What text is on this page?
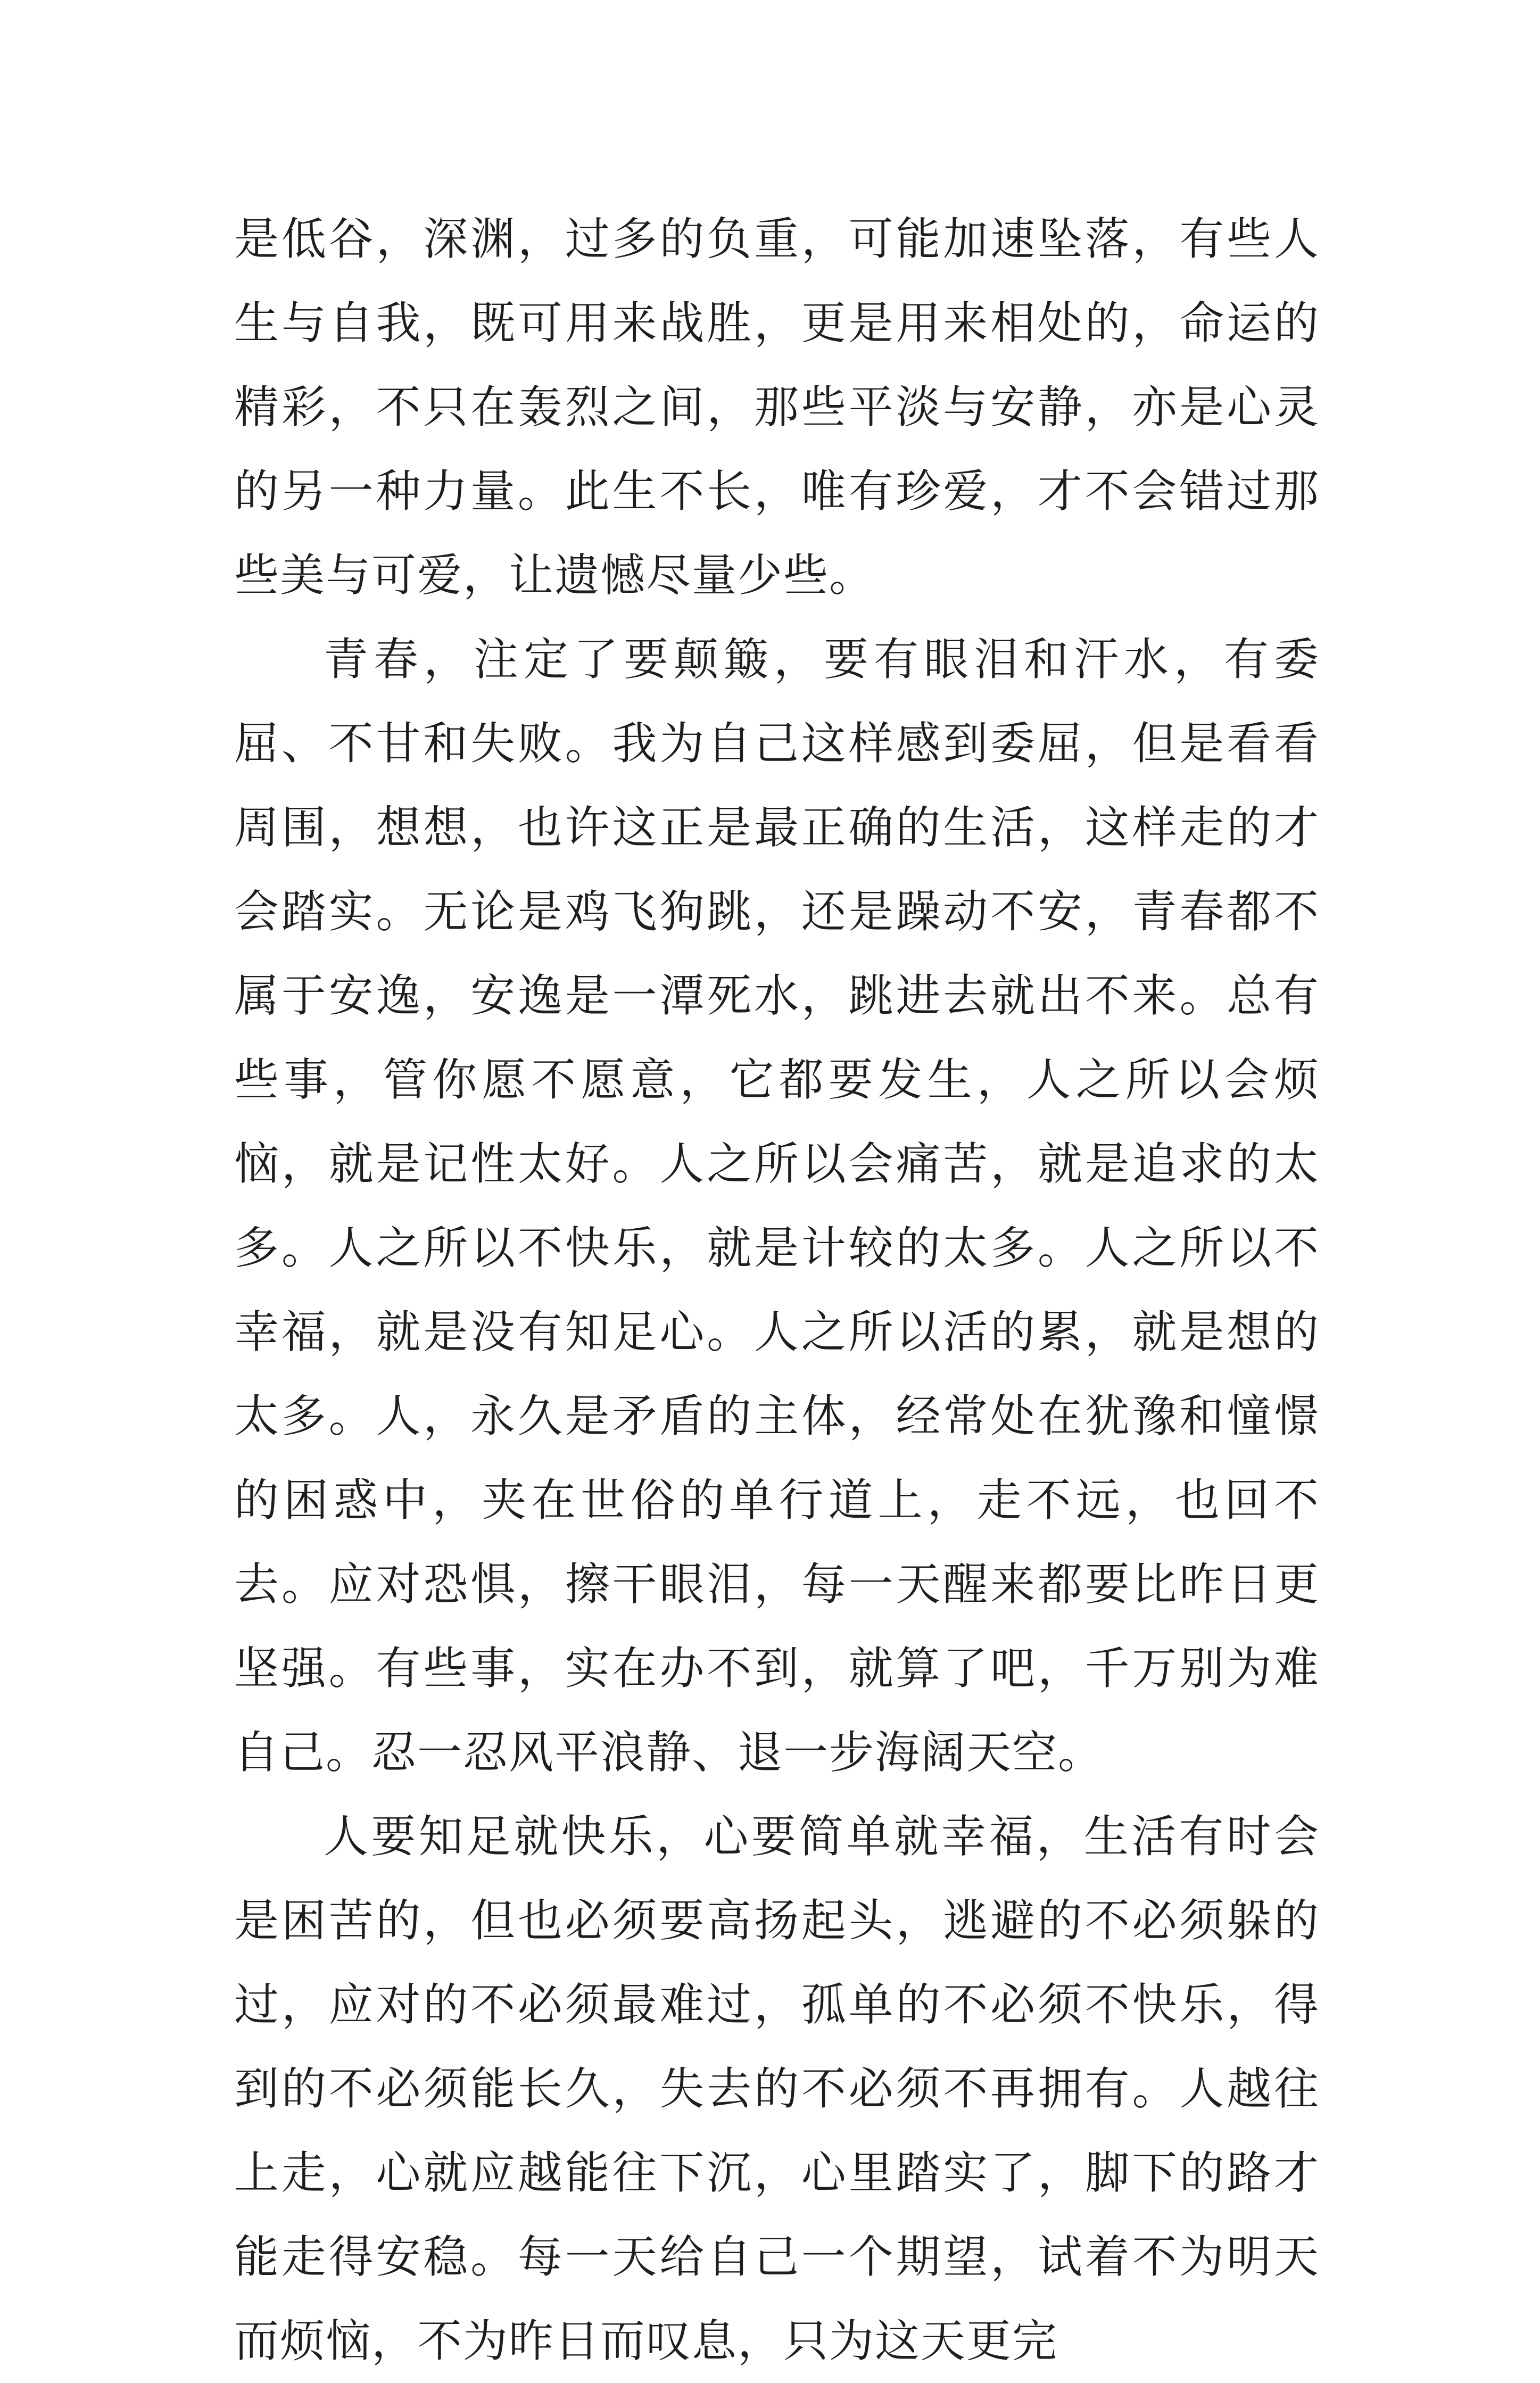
是低谷，深渊，过多的负重，可能加速坠落，有些人生与自我，既可用来战胜，更是用来相处的，命运的精彩，不只在轰烈之间，那些平淡与安静，亦是心灵的另一种力量。此生不长，唯有珍爱，才不会错过那些美与可爱，让遗憾尽量少些。

青春，注定了要颠簸，要有眼泪和汗水，有委屈、不甘和失败。我为自己这样感到委屈，但是看看周围，想想，也许这正是最正确的生活，这样走的才会踏实。无论是鸡飞狗跳，还是躁动不安，青春都不属于安逸，安逸是一潭死水，跳进去就出不来。总有些事，管你愿不愿意，它都要发生，人之所以会烦恼，就是记性太好。人之所以会痛苦，就是追求的太多。人之所以不快乐，就是计较的太多。人之所以不幸福，就是没有知足心。人之所以活的累，就是想的太多。人，永久是矛盾的主体，经常处在犹豫和憧憬的困惑中，夹在世俗的单行道上，走不远，也回不去。应对恐惧，擦干眼泪，每一天醒来都要比昨日更坚强。有些事，实在办不到，就算了吧，千万别为难自己。忍一忍风平浪静、退一步海阔天空。

人要知足就快乐，心要简单就幸福，生活有时会是困苦的，但也必须要高扬起头，逃避的不必须躲的过，应对的不必须最难过，孤单的不必须不快乐，得到的不必须能长久，失去的不必须不再拥有。人越往上走，心就应越能往下沉，心里踏实了，脚下的路才能走得安稳。每一天给自己一个期望，试着不为明天而烦恼，不为昨日而叹息，只为这天更完
